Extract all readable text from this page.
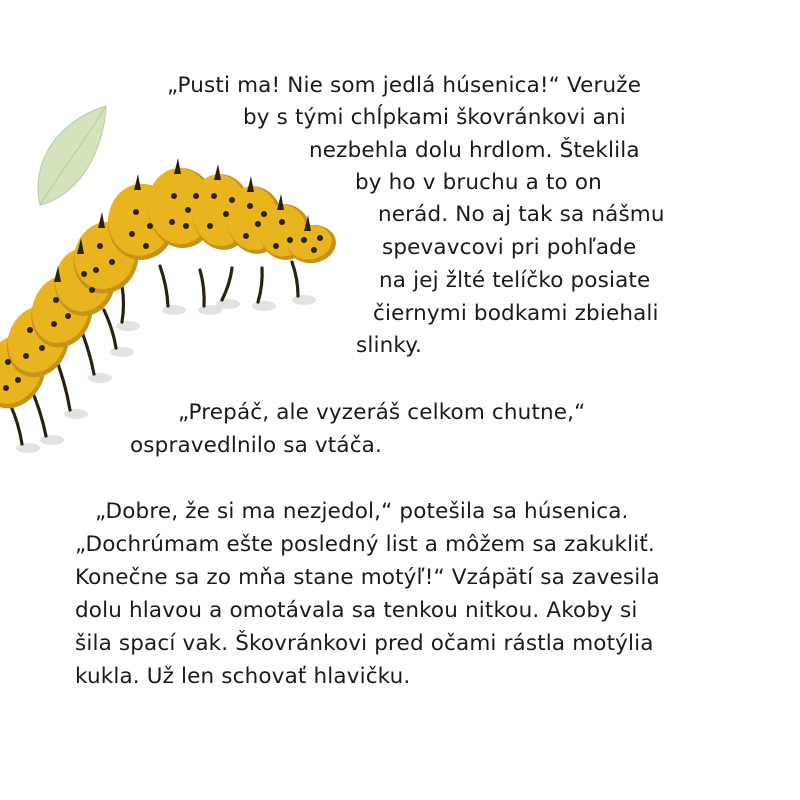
„Pusti ma! Nie som jedlá húsenica!“ Veruže
by s tými chĺpkami škovránkovi ani
nezbehla dolu hrdlom. Šteklila
by ho v bruchu a to on
nerád. No aj tak sa nášmu
spevavcovi pri pohľade
na jej žlté telíčko posiate
čiernymi bodkami zbiehali
slinky.
„Prepáč, ale vyzeráš celkom chutne,“
ospravedlnilo sa vtáča.
„Dobre, že si ma nezjedol,“ potešila sa húsenica.
„Dochrúmam ešte posledný list a môžem sa zakukliť.
Konečne sa zo mňa stane motýľ!“ Vzápätí sa zavesila
dolu hlavou a omotávala sa tenkou nitkou. Akoby si
šila spací vak. Škovránkovi pred očami rástla motýlia
kukla. Už len schovať hlavičku.
